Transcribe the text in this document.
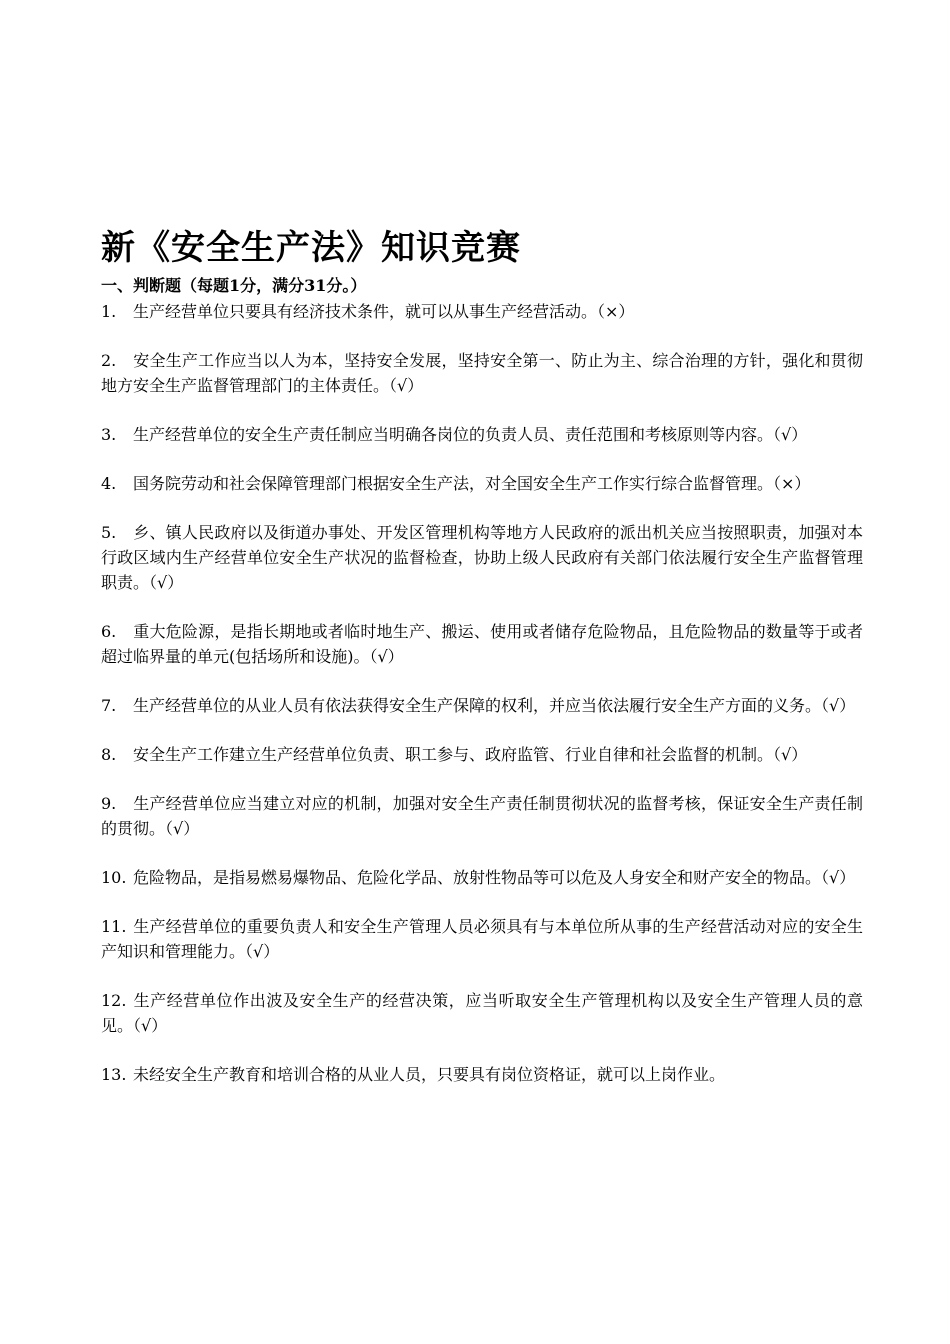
新《安全生产法》知识竞赛
一、判断题（每题1分，满分31分。）
1. 生产经营单位只要具有经济技术条件，就可以从事生产经营活动。（×）
2. 安全生产工作应当以人为本，坚持安全发展，坚持安全第一、防止为主、综合治理的方针，强化和贯彻地方安全生产监督管理部门的主体责任。（√）
3. 生产经营单位的安全生产责任制应当明确各岗位的负责人员、责任范围和考核原则等内容。（√）
4. 国务院劳动和社会保障管理部门根据安全生产法，对全国安全生产工作实行综合监督管理。（×）
5. 乡、镇人民政府以及街道办事处、开发区管理机构等地方人民政府的派出机关应当按照职责，加强对本行政区域内生产经营单位安全生产状况的监督检查，协助上级人民政府有关部门依法履行安全生产监督管理职责。（√）
6. 重大危险源，是指长期地或者临时地生产、搬运、使用或者储存危险物品，且危险物品的数量等于或者超过临界量的单元(包括场所和设施)。（√）
7. 生产经营单位的从业人员有依法获得安全生产保障的权利，并应当依法履行安全生产方面的义务。（√）
8. 安全生产工作建立生产经营单位负责、职工参与、政府监管、行业自律和社会监督的机制。（√）
9. 生产经营单位应当建立对应的机制，加强对安全生产责任制贯彻状况的监督考核，保证安全生产责任制的贯彻。（√）
10. 危险物品，是指易燃易爆物品、危险化学品、放射性物品等可以危及人身安全和财产安全的物品。（√）
11. 生产经营单位的重要负责人和安全生产管理人员必须具有与本单位所从事的生产经营活动对应的安全生产知识和管理能力。（√）
12. 生产经营单位作出波及安全生产的经营决策，应当听取安全生产管理机构以及安全生产管理人员的意见。（√）
13. 未经安全生产教育和培训合格的从业人员，只要具有岗位资格证，就可以上岗作业。
